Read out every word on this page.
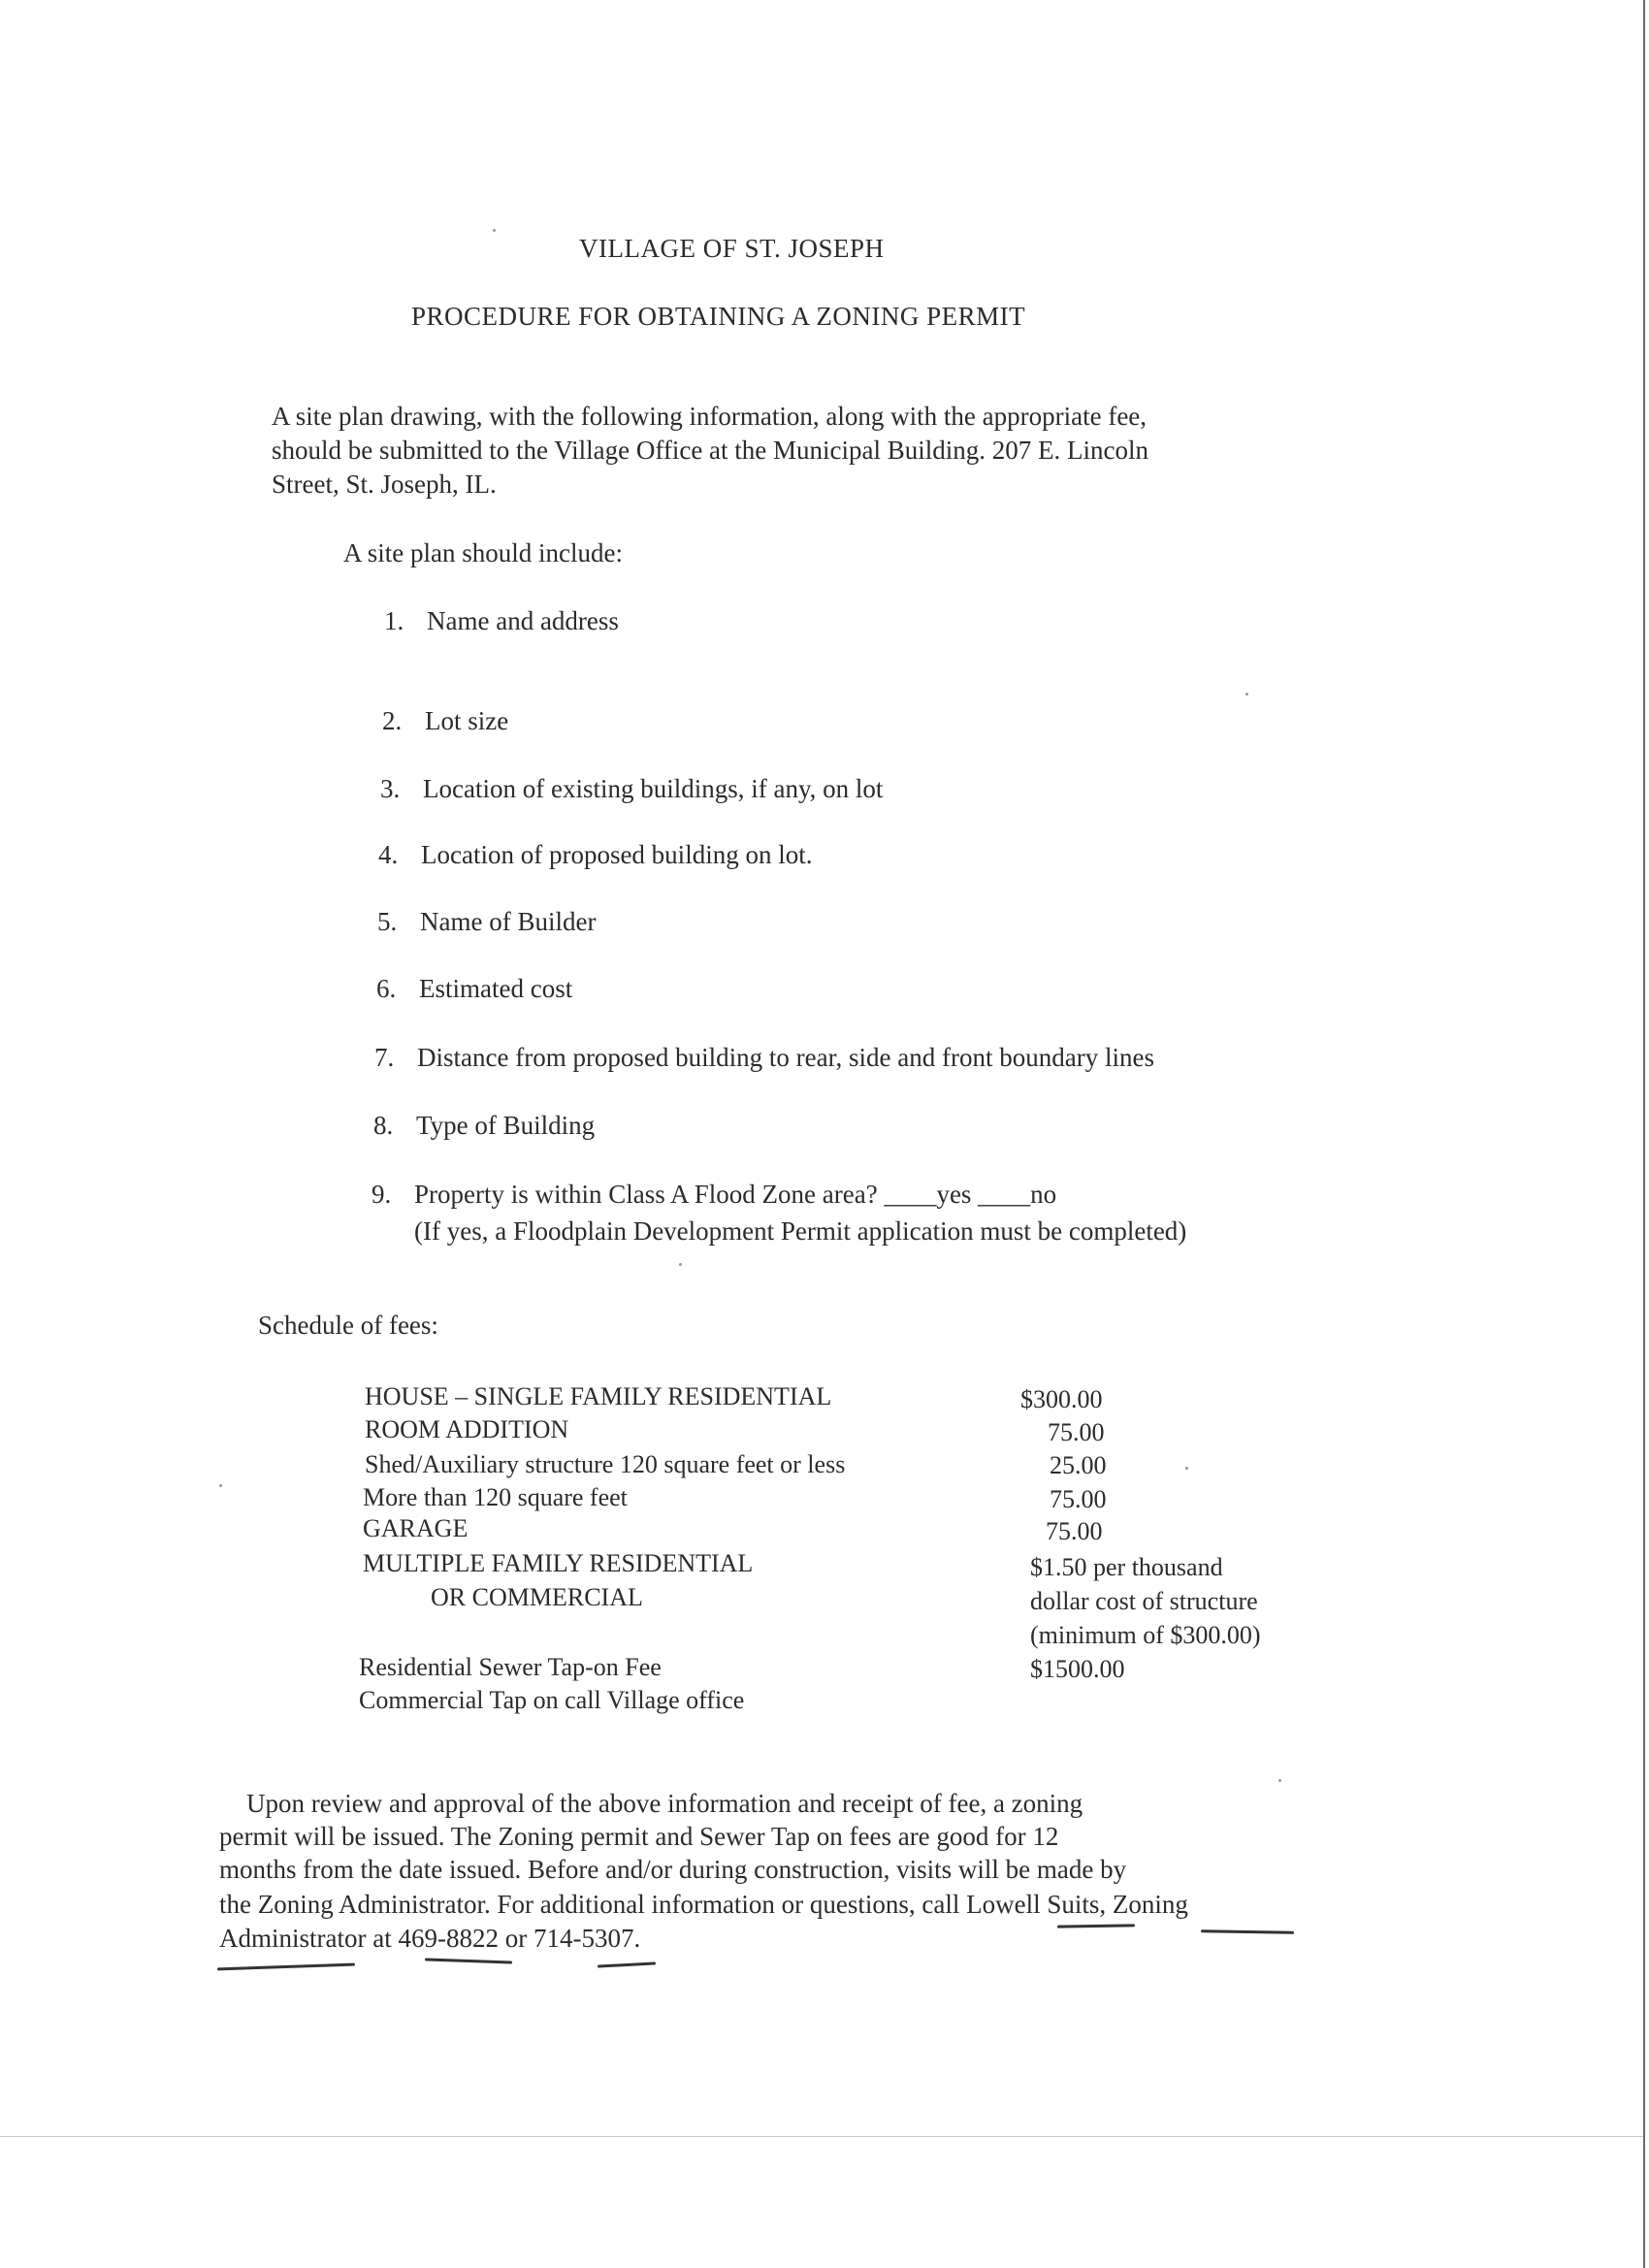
VILLAGE OF ST. JOSEPH

PROCEDURE FOR OBTAINING A ZONING PERMIT

A site plan drawing, with the following information, along with the appropriate fee,

should be submitted to the Village Office at the Municipal Building. 207 E. Lincoln

Street, St. Joseph, IL.

A site plan should include:

1. Name and address

2. Lot size

3. Location of existing buildings, if any, on lot

4. Location of proposed building on lot.

5. Name of Builder

6. Estimated cost

7. Distance from proposed building to rear, side and front boundary lines

8. Type of Building

9. Property is within Class A Flood Zone area? ____yes ____no

(If yes, a Floodplain Development Permit application must be completed)

Schedule of fees:

HOUSE – SINGLE FAMILY RESIDENTIAL	$300.00

ROOM ADDITION	75.00

Shed/Auxiliary structure 120 square feet or less	25.00

More than 120 square feet	75.00

GARAGE	75.00

MULTIPLE FAMILY RESIDENTIAL	$1.50 per thousand

OR COMMERCIAL	dollar cost of structure

(minimum of $300.00)

Residential Sewer Tap-on Fee	$1500.00

Commercial Tap on call Village office

Upon review and approval of the above information and receipt of fee, a zoning

permit will be issued. The Zoning permit and Sewer Tap on fees are good for 12

months from the date issued. Before and/or during construction, visits will be made by

the Zoning Administrator. For additional information or questions, call Lowell Suits, Zoning

Administrator at 469-8822 or 714-5307.
